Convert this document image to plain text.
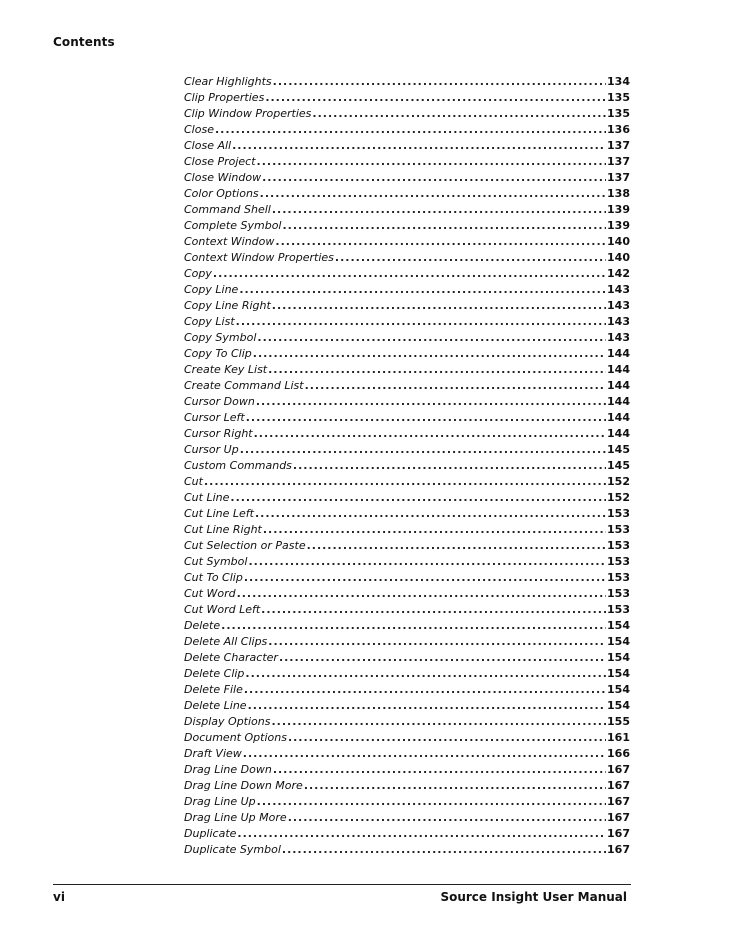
Contents
Clear Highlights .....	134
Clip Properties .....	135
Clip Window Properties .....	135
Close .....	136
Close All .....	137
Close Project .....	137
Close Window .....	137
Color Options .....	138
Command Shell .....	139
Complete Symbol .....	139
Context Window .....	140
Context Window Properties .....	140
Copy .....	142
Copy Line .....	143
Copy Line Right .....	143
Copy List .....	143
Copy Symbol .....	143
Copy To Clip .....	144
Create Key List .....	144
Create Command List .....	144
Cursor Down .....	144
Cursor Left .....	144
Cursor Right .....	144
Cursor Up .....	145
Custom Commands .....	145
Cut .....	152
Cut Line .....	152
Cut Line Left .....	153
Cut Line Right .....	153
Cut Selection or Paste .....	153
Cut Symbol .....	153
Cut To Clip .....	153
Cut Word .....	153
Cut Word Left .....	153
Delete .....	154
Delete All Clips .....	154
Delete Character .....	154
Delete Clip .....	154
Delete File .....	154
Delete Line .....	154
Display Options .....	155
Document Options .....	161
Draft View .....	166
Drag Line Down .....	167
Drag Line Down More .....	167
Drag Line Up .....	167
Drag Line Up More .....	167
Duplicate .....	167
Duplicate Symbol .....	167
vi	Source Insight User Manual
